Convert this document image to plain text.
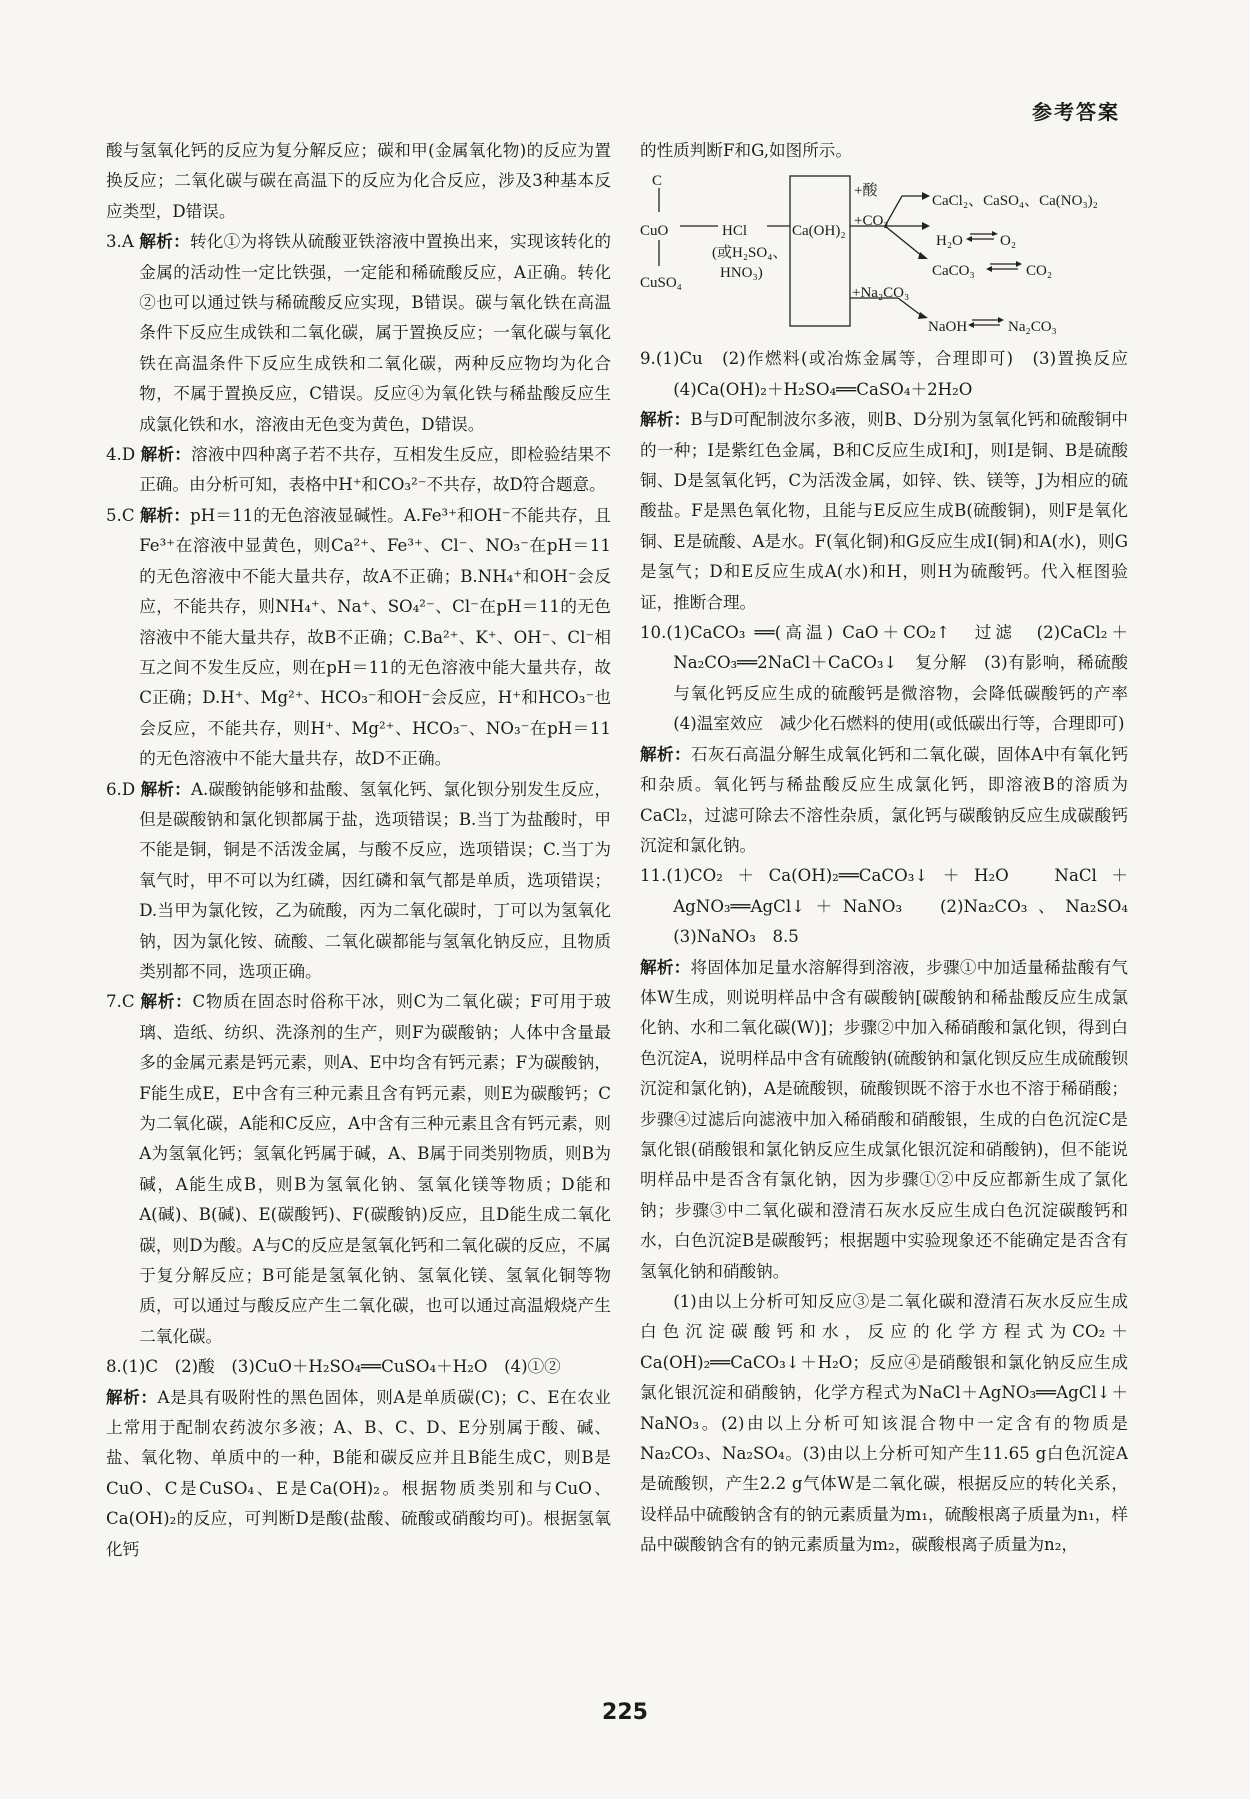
参考答案

酸与氢氧化钙的反应为复分解反应；碳和甲(金属氧化物)的反应为置换反应；二氧化碳与碳在高温下的反应为化合反应，涉及3种基本反应类型，D错误。

3.A 解析：转化①为将铁从硫酸亚铁溶液中置换出来，实现该转化的金属的活动性一定比铁强，一定能和稀硫酸反应，A正确。转化②也可以通过铁与稀硫酸反应实现，B错误。碳与氧化铁在高温条件下反应生成铁和二氧化碳，属于置换反应；一氧化碳与氧化铁在高温条件下反应生成铁和二氧化碳，两种反应物均为化合物，不属于置换反应，C错误。反应④为氧化铁与稀盐酸反应生成氯化铁和水，溶液由无色变为黄色，D错误。

4.D 解析：溶液中四种离子若不共存，互相发生反应，即检验结果不正确。由分析可知，表格中H⁺和CO₃²⁻不共存，故D符合题意。

5.C 解析：pH＝11的无色溶液显碱性。A.Fe³⁺和OH⁻不能共存，且Fe³⁺在溶液中显黄色，则Ca²⁺、Fe³⁺、Cl⁻、NO₃⁻在pH＝11的无色溶液中不能大量共存，故A不正确；B.NH₄⁺和OH⁻会反应，不能共存，则NH₄⁺、Na⁺、SO₄²⁻、Cl⁻在pH＝11的无色溶液中不能大量共存，故B不正确；C.Ba²⁺、K⁺、OH⁻、Cl⁻相互之间不发生反应，则在pH＝11的无色溶液中能大量共存，故C正确；D.H⁺、Mg²⁺、HCO₃⁻和OH⁻会反应，H⁺和HCO₃⁻也会反应，不能共存，则H⁺、Mg²⁺、HCO₃⁻、NO₃⁻在pH＝11的无色溶液中不能大量共存，故D不正确。

6.D 解析：A.碳酸钠能够和盐酸、氢氧化钙、氯化钡分别发生反应，但是碳酸钠和氯化钡都属于盐，选项错误；B.当丁为盐酸时，甲不能是铜，铜是不活泼金属，与酸不反应，选项错误；C.当丁为氧气时，甲不可以为红磷，因红磷和氧气都是单质，选项错误；D.当甲为氯化铵，乙为硫酸，丙为二氧化碳时，丁可以为氢氧化钠，因为氯化铵、硫酸、二氧化碳都能与氢氧化钠反应，且物质类别都不同，选项正确。

7.C 解析：C物质在固态时俗称干冰，则C为二氧化碳；F可用于玻璃、造纸、纺织、洗涤剂的生产，则F为碳酸钠；人体中含量最多的金属元素是钙元素，则A、E中均含有钙元素；F为碳酸钠，F能生成E，E中含有三种元素且含有钙元素，则E为碳酸钙；C为二氧化碳，A能和C反应，A中含有三种元素且含有钙元素，则A为氢氧化钙；氢氧化钙属于碱，A、B属于同类别物质，则B为碱，A能生成B，则B为氢氧化钠、氢氧化镁等物质；D能和A(碱)、B(碱)、E(碳酸钙)、F(碳酸钠)反应，且D能生成二氧化碳，则D为酸。A与C的反应是氢氧化钙和二氧化碳的反应，不属于复分解反应；B可能是氢氧化钠、氢氧化镁、氢氧化铜等物质，可以通过与酸反应产生二氧化碳，也可以通过高温煅烧产生二氧化碳。

8.(1)C　(2)酸　(3)CuO＋H₂SO₄══CuSO₄＋H₂O　(4)①②

解析：A是具有吸附性的黑色固体，则A是单质碳(C)；C、E在农业上常用于配制农药波尔多液；A、B、C、D、E分别属于酸、碱、盐、氧化物、单质中的一种，B能和碳反应并且B能生成C，则B是CuO、C是CuSO₄、E是Ca(OH)₂。根据物质类别和与CuO、Ca(OH)₂的反应，可判断D是酸(盐酸、硫酸或硝酸均可)。根据氢氧化钙

的性质判断F和G,如图所示。

C
CuO
CuSO₄
HCl
(或H₂SO₄、
HNO₃)
Ca(OH)₂
+酸
+CO₂
+Na₂CO₃
CaCl₂、CaSO₄、Ca(NO₃)₂
H₂O O₂
CaCO₃	CO₂
NaOH	Na₂CO₃

9.(1)Cu　(2)作燃料(或冶炼金属等，合理即可)　(3)置换反应　(4)Ca(OH)₂＋H₂SO₄══CaSO₄＋2H₂O

解析：B与D可配制波尔多液，则B、D分别为氢氧化钙和硫酸铜中的一种；I是紫红色金属，B和C反应生成I和J，则I是铜、B是硫酸铜、D是氢氧化钙，C为活泼金属，如锌、铁、镁等，J为相应的硫酸盐。F是黑色氧化物，且能与E反应生成B(硫酸铜)，则F是氧化铜、E是硫酸、A是水。F(氧化铜)和G反应生成I(铜)和A(水)，则G是氢气；D和E反应生成A(水)和H，则H为硫酸钙。代入框图验证，推断合理。

10.(1)CaCO₃ ══(高温) CaO＋CO₂↑　过滤　(2)CaCl₂＋Na₂CO₃══2NaCl＋CaCO₃↓　复分解　(3)有影响，稀硫酸与氧化钙反应生成的硫酸钙是微溶物，会降低碳酸钙的产率　(4)温室效应　减少化石燃料的使用(或低碳出行等，合理即可)

解析：石灰石高温分解生成氧化钙和二氧化碳，固体A中有氧化钙和杂质。氧化钙与稀盐酸反应生成氯化钙，即溶液B的溶质为CaCl₂，过滤可除去不溶性杂质，氯化钙与碳酸钠反应生成碳酸钙沉淀和氯化钠。

11.(1)CO₂＋Ca(OH)₂══CaCO₃↓＋H₂O　NaCl＋AgNO₃══AgCl↓＋NaNO₃　(2)Na₂CO₃、Na₂SO₄　(3)NaNO₃　8.5

解析：将固体加足量水溶解得到溶液，步骤①中加适量稀盐酸有气体W生成，则说明样品中含有碳酸钠[碳酸钠和稀盐酸反应生成氯化钠、水和二氧化碳(W)]；步骤②中加入稀硝酸和氯化钡，得到白色沉淀A，说明样品中含有硫酸钠(硫酸钠和氯化钡反应生成硫酸钡沉淀和氯化钠)，A是硫酸钡，硫酸钡既不溶于水也不溶于稀硝酸；步骤④过滤后向滤液中加入稀硝酸和硝酸银，生成的白色沉淀C是氯化银(硝酸银和氯化钠反应生成氯化银沉淀和硝酸钠)，但不能说明样品中是否含有氯化钠，因为步骤①②中反应都新生成了氯化钠；步骤③中二氧化碳和澄清石灰水反应生成白色沉淀碳酸钙和水，白色沉淀B是碳酸钙；根据题中实验现象还不能确定是否含有氢氧化钠和硝酸钠。

(1)由以上分析可知反应③是二氧化碳和澄清石灰水反应生成白色沉淀碳酸钙和水，反应的化学方程式为CO₂＋Ca(OH)₂══CaCO₃↓＋H₂O；反应④是硝酸银和氯化钠反应生成氯化银沉淀和硝酸钠，化学方程式为NaCl＋AgNO₃══AgCl↓＋NaNO₃。(2)由以上分析可知该混合物中一定含有的物质是Na₂CO₃、Na₂SO₄。(3)由以上分析可知产生11.65 g白色沉淀A是硫酸钡，产生2.2 g气体W是二氧化碳，根据反应的转化关系，设样品中硫酸钠含有的钠元素质量为m₁，硫酸根离子质量为n₁，样品中碳酸钠含有的钠元素质量为m₂，碳酸根离子质量为n₂，

225
